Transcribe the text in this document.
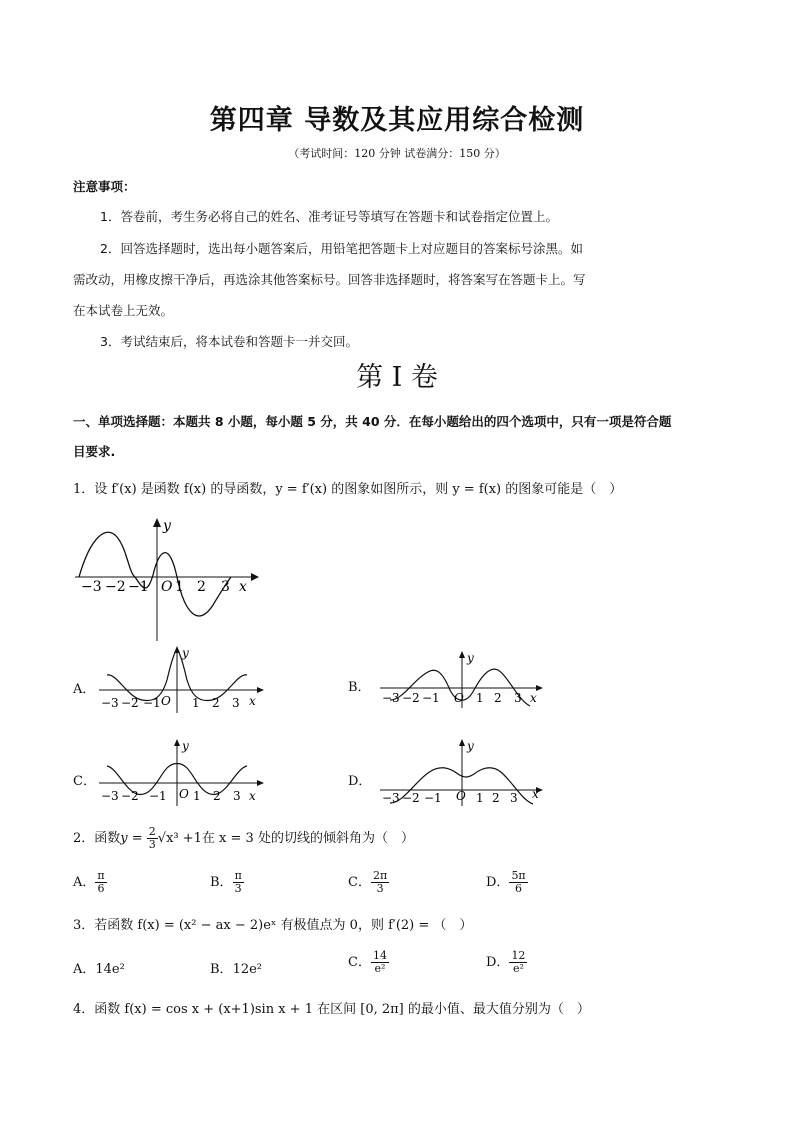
第四章 导数及其应用综合检测
（考试时间：120 分钟 试卷满分：150 分）
注意事项：
1．答卷前，考生务必将自己的姓名、准考证号等填写在答题卡和试卷指定位置上。
2．回答选择题时，选出每小题答案后，用铅笔把答题卡上对应题目的答案标号涂黑。如
需改动，用橡皮擦干净后，再选涂其他答案标号。回答非选择题时，将答案写在答题卡上。写
在本试卷上无效。
3．考试结束后，将本试卷和答题卡一并交回。
第 I 卷
一、单项选择题：本题共 8 小题，每小题 5 分，共 40 分．在每小题给出的四个选项中，只有一项是符合题
目要求.
1．设 f′(x) 是函数 f(x) 的导函数，y = f′(x) 的图象如图所示，则 y = f(x) 的图象可能是（　）
y
x
O
−3 −2 −1 1 2 3
A．
y
x
O
−3 −2 −1	1 2 3
B．
y
x
O
−3 −2 −1	1 2 3
C．
y
x
O
−3 −2 −1 1 2 3
D．
y
x
O
−3 −2 −1	1 2 3
2．函数$y = \frac{2}{3} √x^3 +1$在 x = 3 处的切线的倾斜角为（　）
A． $\frac{\pi}{6}$	B． $\frac{\pi}{3}$	C． $\frac{2\pi}{3}$	D． $\frac{5\pi}{6}$
3．若函数 f(x) = (x² − ax − 2)eˣ 有极值点为 0，则 f′(2) = （　）
A．14e²	B．12e²	C． $\frac{14}{\text{e²}}$	D． $\frac{12}{\text{e²}}$
4．函数 f(x) = cos x + (x+1)sin x + 1 在区间 [0, 2π] 的最小值、最大值分别为（　）
